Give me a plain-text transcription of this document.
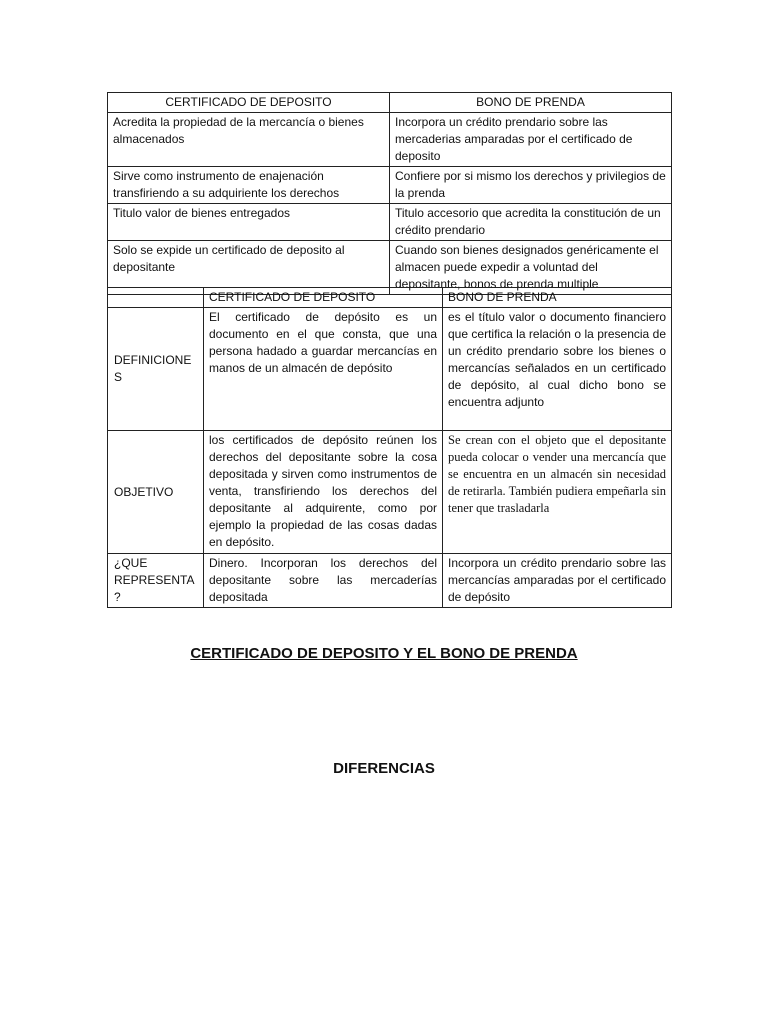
CERTIFICADO DE DEPOSITO	BONO DE PRENDA
Acredita la propiedad de la mercancía o bienes almacenados	Incorpora un crédito prendario sobre las mercaderias amparadas por el certificado de deposito
Sirve como instrumento de enajenación transfiriendo a su adquiriente los derechos	Confiere por si mismo los derechos y privilegios de la prenda
Titulo valor de bienes entregados	Titulo accesorio que acredita la constitución de un crédito prendario
Solo se expide un certificado de deposito al depositante	Cuando son bienes designados genéricamente el almacen puede expedir a voluntad del depositante, bonos de prenda multiple
	CERTIFICADO DE DEPOSITO	BONO DE PRENDA
DEFINICIONES	El certificado de depósito es un documento en el que consta, que una persona hadado a guardar mercancías en manos de un almacén de depósito	es el título valor o documento financiero que certifica la relación o la presencia de un crédito prendario sobre los bienes o mercancías señalados en un certificado de depósito, al cual dicho bono se encuentra adjunto
OBJETIVO	los certificados de depósito reúnen los derechos del depositante sobre la cosa depositada y sirven como instrumentos de venta, transfiriendo los derechos del depositante al adquirente, como por ejemplo la propiedad de las cosas dadas en depósito.	Se crean con el objeto que el depositante pueda colocar o vender una mercancía que se encuentra en un almacén sin necesidad de retirarla. También pudiera empeñarla sin tener que trasladarla
¿QUE REPRESENTA?	Dinero. Incorporan los derechos del depositante sobre las mercaderías depositada	Incorpora un crédito prendario sobre las mercancías amparadas por el certificado de depósito
CERTIFICADO DE DEPOSITO Y EL BONO DE PRENDA
DIFERENCIAS
